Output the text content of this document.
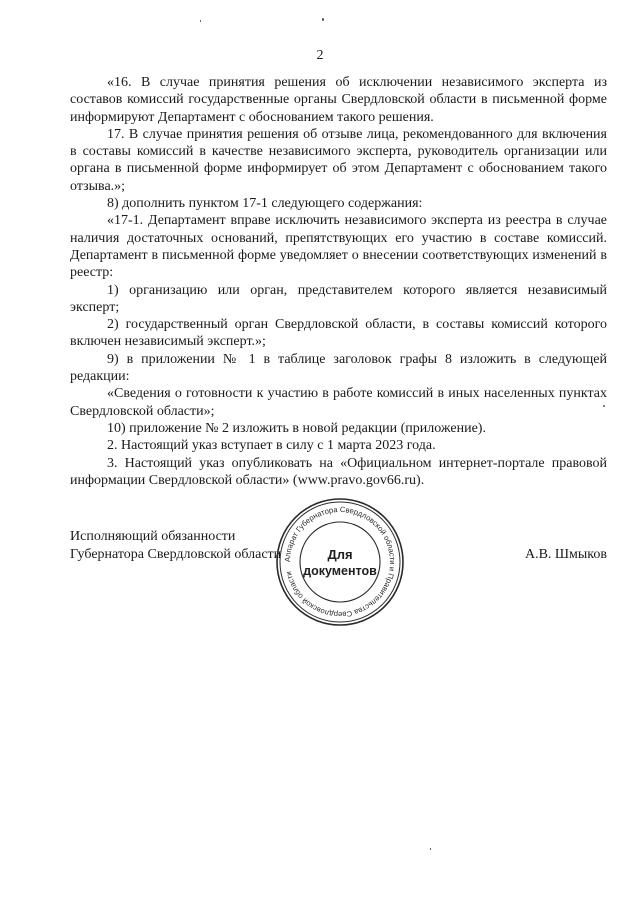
2

«16. В случае принятия решения об исключении независимого эксперта из составов комиссий государственные органы Свердловской области в письменной форме информируют Департамент с обоснованием такого решения.

17. В случае принятия решения об отзыве лица, рекомендованного для включения в составы комиссий в качестве независимого эксперта, руководитель организации или органа в письменной форме информирует об этом Департамент с обоснованием такого отзыва.»;

8) дополнить пунктом 17-1 следующего содержания:

«17-1. Департамент вправе исключить независимого эксперта из реестра в случае наличия достаточных оснований, препятствующих его участию в составе комиссий. Департамент в письменной форме уведомляет о внесении соответствующих изменений в реестр:

1) организацию или орган, представителем которого является независимый эксперт;

2) государственный орган Свердловской области, в составы комиссий которого включен независимый эксперт.»;

9) в приложении № 1 в таблице заголовок графы 8 изложить в следующей редакции:

«Сведения о готовности к участию в работе комиссий в иных населенных пунктах Свердловской области»;

10) приложение № 2 изложить в новой редакции (приложение).

2. Настоящий указ вступает в силу с 1 марта 2023 года.

3. Настоящий указ опубликовать на «Официальном интернет-портале правовой информации Свердловской области» (www.pravo.gov66.ru).

Исполняющий обязанности
Губернатора Свердловской области	А.В. Шмыков
Аппарат Губернатора Свердловской области и Правительства Свердловской области
Для
документов
